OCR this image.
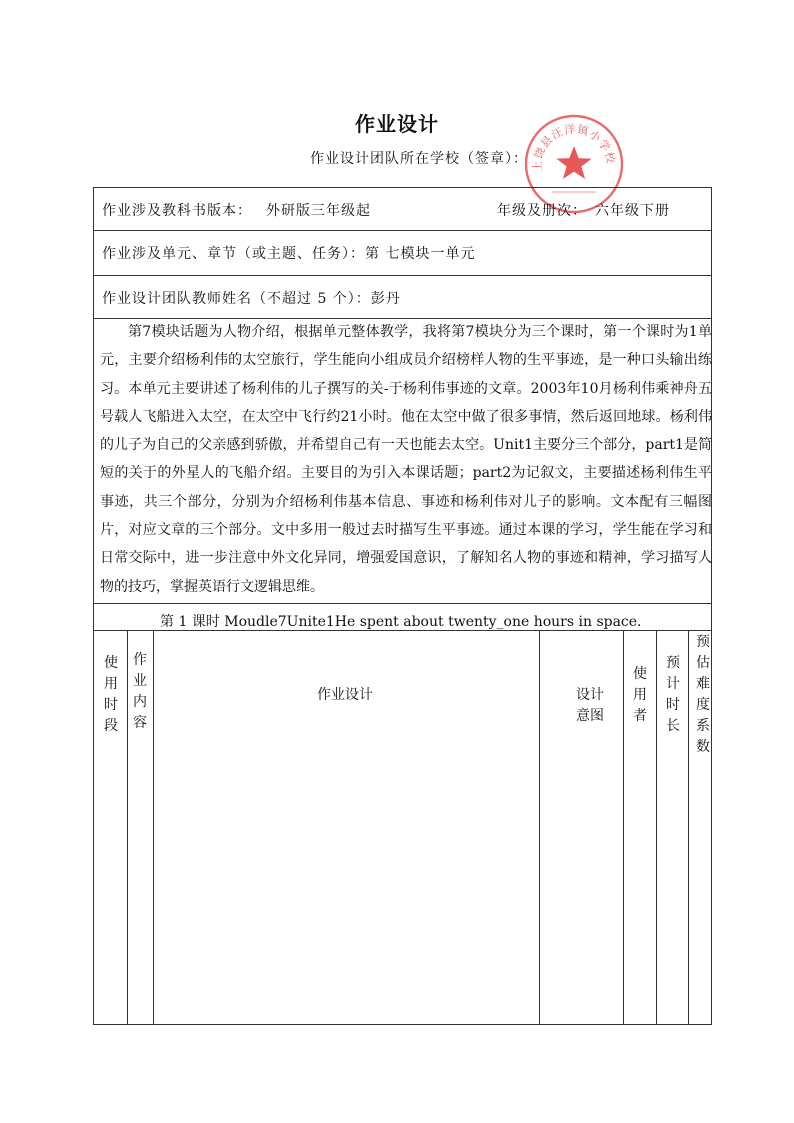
作业设计
作业设计团队所在学校（签章）： 上饶县汪洋镇小学校
作业涉及教科书版本： 外研版三年级起	年级及册次： 六年级下册
作业涉及单元、章节（或主题、任务）：第 七模块一单元
作业设计团队教师姓名（不超过 5 个）：彭丹

第7模块话题为人物介绍，根据单元整体教学，我将第7模块分为三个课时，第一个课时为1单元，主要介绍杨利伟的太空旅行，学生能向小组成员介绍榜样人物的生平事迹，是一种口头输出练习。本单元主要讲述了杨利伟的儿子撰写的关-于杨利伟事迹的文章。2003年10月杨利伟乘神舟五号载人飞船进入太空，在太空中飞行约21小时。他在太空中做了很多事情，然后返回地球。杨利伟的儿子为自己的父亲感到骄傲，并希望自己有一天也能去太空。Unit1主要分三个部分，part1是简短的关于的外星人的飞船介绍。主要目的为引入本课话题；part2为记叙文，主要描述杨利伟生平事迹，共三个部分，分别为介绍杨利伟基本信息、事迹和杨利伟对儿子的影响。文本配有三幅图片，对应文章的三个部分。文中多用一般过去时描写生平事迹。通过本课的学习，学生能在学习和日常交际中，进一步注意中外文化异同，增强爱国意识，了解知名人物的事迹和精神，学习描写人物的技巧，掌握英语行文逻辑思维。

第 1 课时 Moudle7Unite1He spent about twenty_one hours in space.
使用时段
作业内容
作业设计	设计意图
使用者
预计时长
预估难度系数
